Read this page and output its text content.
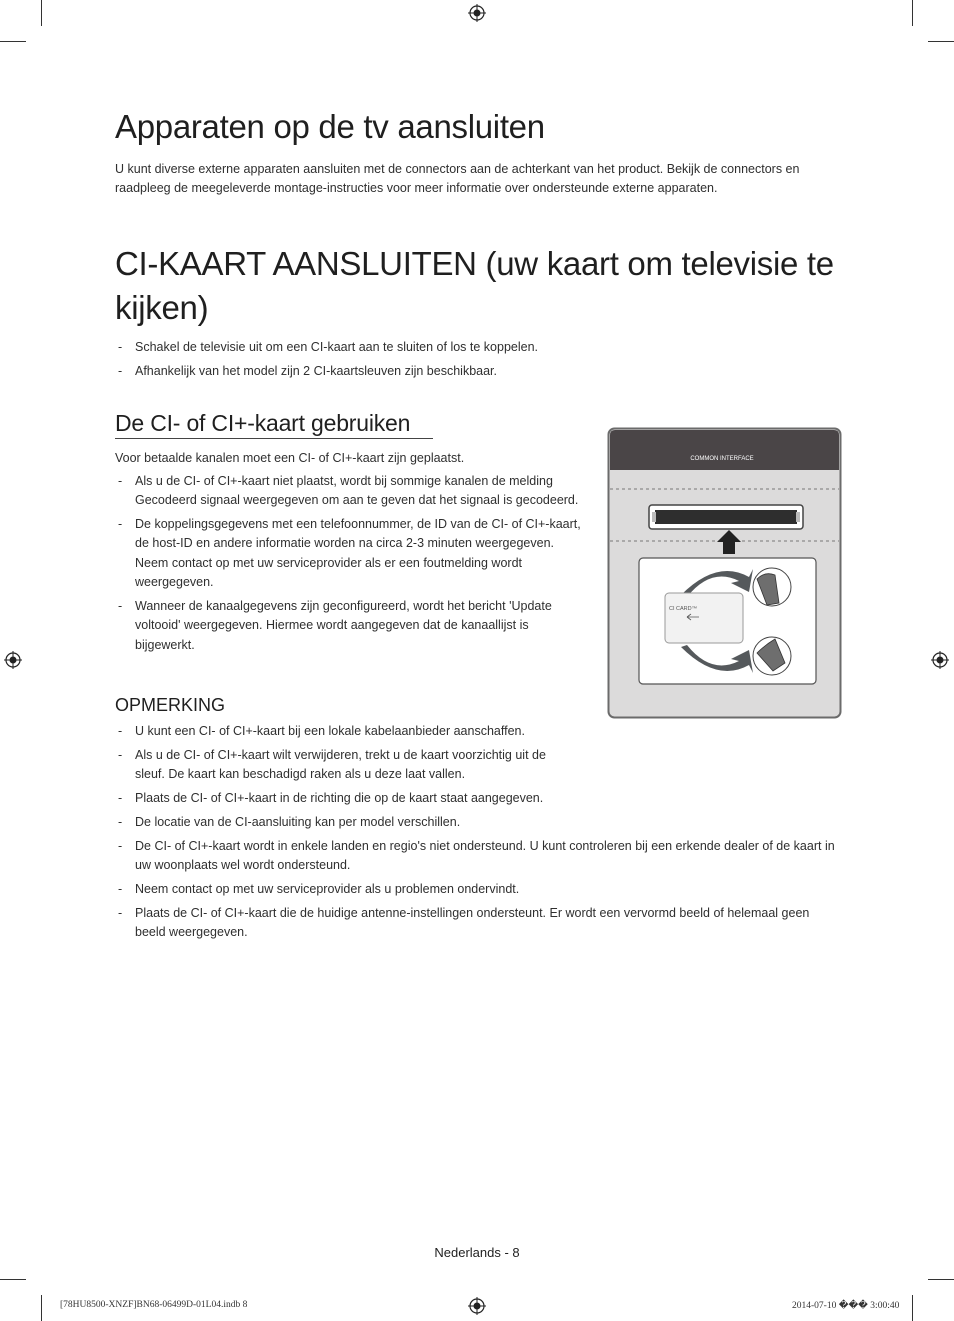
Apparaten op de tv aansluiten

U kunt diverse externe apparaten aansluiten met de connectors aan de achterkant van het product. Bekijk de connectors en raadpleeg de meegeleverde montage-instructies voor meer informatie over ondersteunde externe apparaten.

CI-KAART AANSLUITEN (uw kaart om televisie te kijken)
- Schakel de televisie uit om een CI-kaart aan te sluiten of los te koppelen.
- Afhankelijk van het model zijn 2 CI-kaartsleuven zijn beschikbaar.
De CI- of CI+-kaart gebruiken

Voor betaalde kanalen moet een CI- of CI+-kaart zijn geplaatst.

- Als u de CI- of CI+-kaart niet plaatst, wordt bij sommige kanalen de melding Gecodeerd signaal weergegeven om aan te geven dat het signaal is gecodeerd.
- De koppelingsgegevens met een telefoonnummer, de ID van de CI- of CI+-kaart, de host-ID en andere informatie worden na circa 2-3 minuten weergegeven. Neem contact op met uw serviceprovider als er een foutmelding wordt weergegeven.
- Wanneer de kanaalgegevens zijn geconfigureerd, wordt het bericht 'Update voltooid' weergegeven. Hiermee wordt aangegeven dat de kanaallijst is bijgewerkt.
COMMON INTERFACE
CI CARD™
OPMERKING
- U kunt een CI- of CI+-kaart bij een lokale kabelaanbieder aanschaffen.
- Als u de CI- of CI+-kaart wilt verwijderen, trekt u de kaart voorzichtig uit de sleuf. De kaart kan beschadigd raken als u deze laat vallen.
- Plaats de CI- of CI+-kaart in de richting die op de kaart staat aangegeven.
- De locatie van de CI-aansluiting kan per model verschillen.
- De CI- of CI+-kaart wordt in enkele landen en regio's niet ondersteund. U kunt controleren bij een erkende dealer of de kaart in uw woonplaats wel wordt ondersteund.
- Neem contact op met uw serviceprovider als u problemen ondervindt.
- Plaats de CI- of CI+-kaart die de huidige antenne-instellingen ondersteunt. Er wordt een vervormd beeld of helemaal geen beeld weergegeven.
Nederlands - 8
[78HU8500-XNZF]BN68-06499D-01L04.indb 8	2014-07-10 ��� 3:00:40
